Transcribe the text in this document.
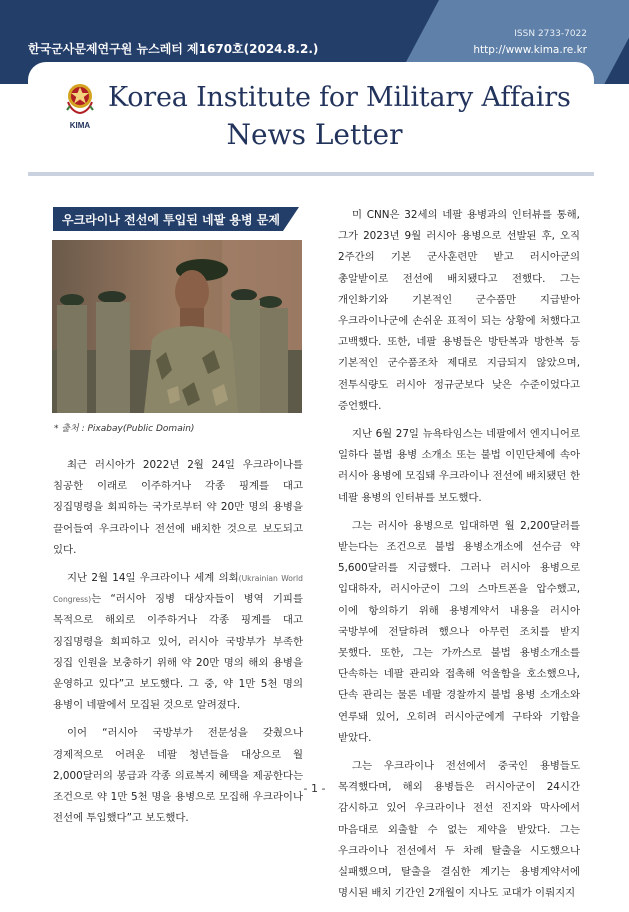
한국군사문제연구원 뉴스레터 제1670호(2024.8.2.)
ISSN 2733-7022
http://www.kima.re.kr
KIMA
Korea Institute for Military Affairs
News Letter
우크라이나 전선에 투입된 네팔 용병 문제
* 출처 : Pixabay(Public Domain)

최근 러시아가 2022년 2월 24일 우크라이나를 침공한 이래로 이주하거나 각종 핑계를 대고 징집명령을 회피하는 국가로부터 약 20만 명의 용병을 끌어들여 우크라이나 전선에 배치한 것으로 보도되고 있다.

지난 2월 14일 우크라이나 세계 의회(Ukrainian World Congress)는 “러시아 징병 대상자들이 병역 기피를 목적으로 해외로 이주하거나 각종 핑계를 대고 징집명령을 회피하고 있어, 러시아 국방부가 부족한 징집 인원을 보충하기 위해 약 20만 명의 해외 용병을 운영하고 있다”고 보도했다. 그 중, 약 1만 5천 명의 용병이 네팔에서 모집된 것으로 알려졌다.

이어 “러시아 국방부가 전문성을 갖췄으나 경제적으로 어려운 네팔 청년들을 대상으로 월 2,000달러의 봉급과 각종 의료복지 혜택을 제공한다는 조건으로 약 1만 5천 명을 용병으로 모집해 우크라이나 전선에 투입했다”고 보도했다.

미 CNN은 32세의 네팔 용병과의 인터뷰를 통해, 그가 2023년 9월 러시아 용병으로 선발된 후, 오직 2주간의 기본 군사훈련만 받고 러시아군의 총알받이로 전선에 배치됐다고 전했다. 그는 개인화기와 기본적인 군수품만 지급받아 우크라이나군에 손쉬운 표적이 되는 상황에 처했다고 고백했다. 또한, 네팔 용병들은 방탄복과 방한복 등 기본적인 군수품조차 제대로 지급되지 않았으며, 전투식량도 러시아 정규군보다 낮은 수준이었다고 증언했다.

지난 6월 27일 뉴욕타임스는 네팔에서 엔지니어로 일하다 불법 용병 소개소 또는 불법 이민단체에 속아 러시아 용병에 모집돼 우크라이나 전선에 배치됐던 한 네팔 용병의 인터뷰를 보도했다.

그는 러시아 용병으로 입대하면 월 2,200달러를 받는다는 조건으로 불법 용병소개소에 선수금 약 5,600달러를 지급했다. 그러나 러시아 용병으로 입대하자, 러시아군이 그의 스마트폰을 압수했고, 이에 항의하기 위해 용병계약서 내용을 러시아 국방부에 전달하려 했으나 아무런 조치를 받지 못했다. 또한, 그는 가까스로 불법 용병소개소를 단속하는 네팔 관리와 접촉해 억울함을 호소했으나, 단속 관리는 물론 네팔 경찰까지 불법 용병 소개소와 연루돼 있어, 오히려 러시아군에게 구타와 기합을 받았다.

그는 우크라이나 전선에서 중국인 용병들도 목격했다며, 해외 용병들은 러시아군이 24시간 감시하고 있어 우크라이나 전선 진지와 막사에서 마음대로 외출할 수 없는 제약을 받았다. 그는 우크라이나 전선에서 두 차례 탈출을 시도했으나 실패했으며, 탈출을 결심한 계기는 용병계약서에 명시된 배치 기간인 2개월이 지나도 교대가 이뤄지지

- 1 -
